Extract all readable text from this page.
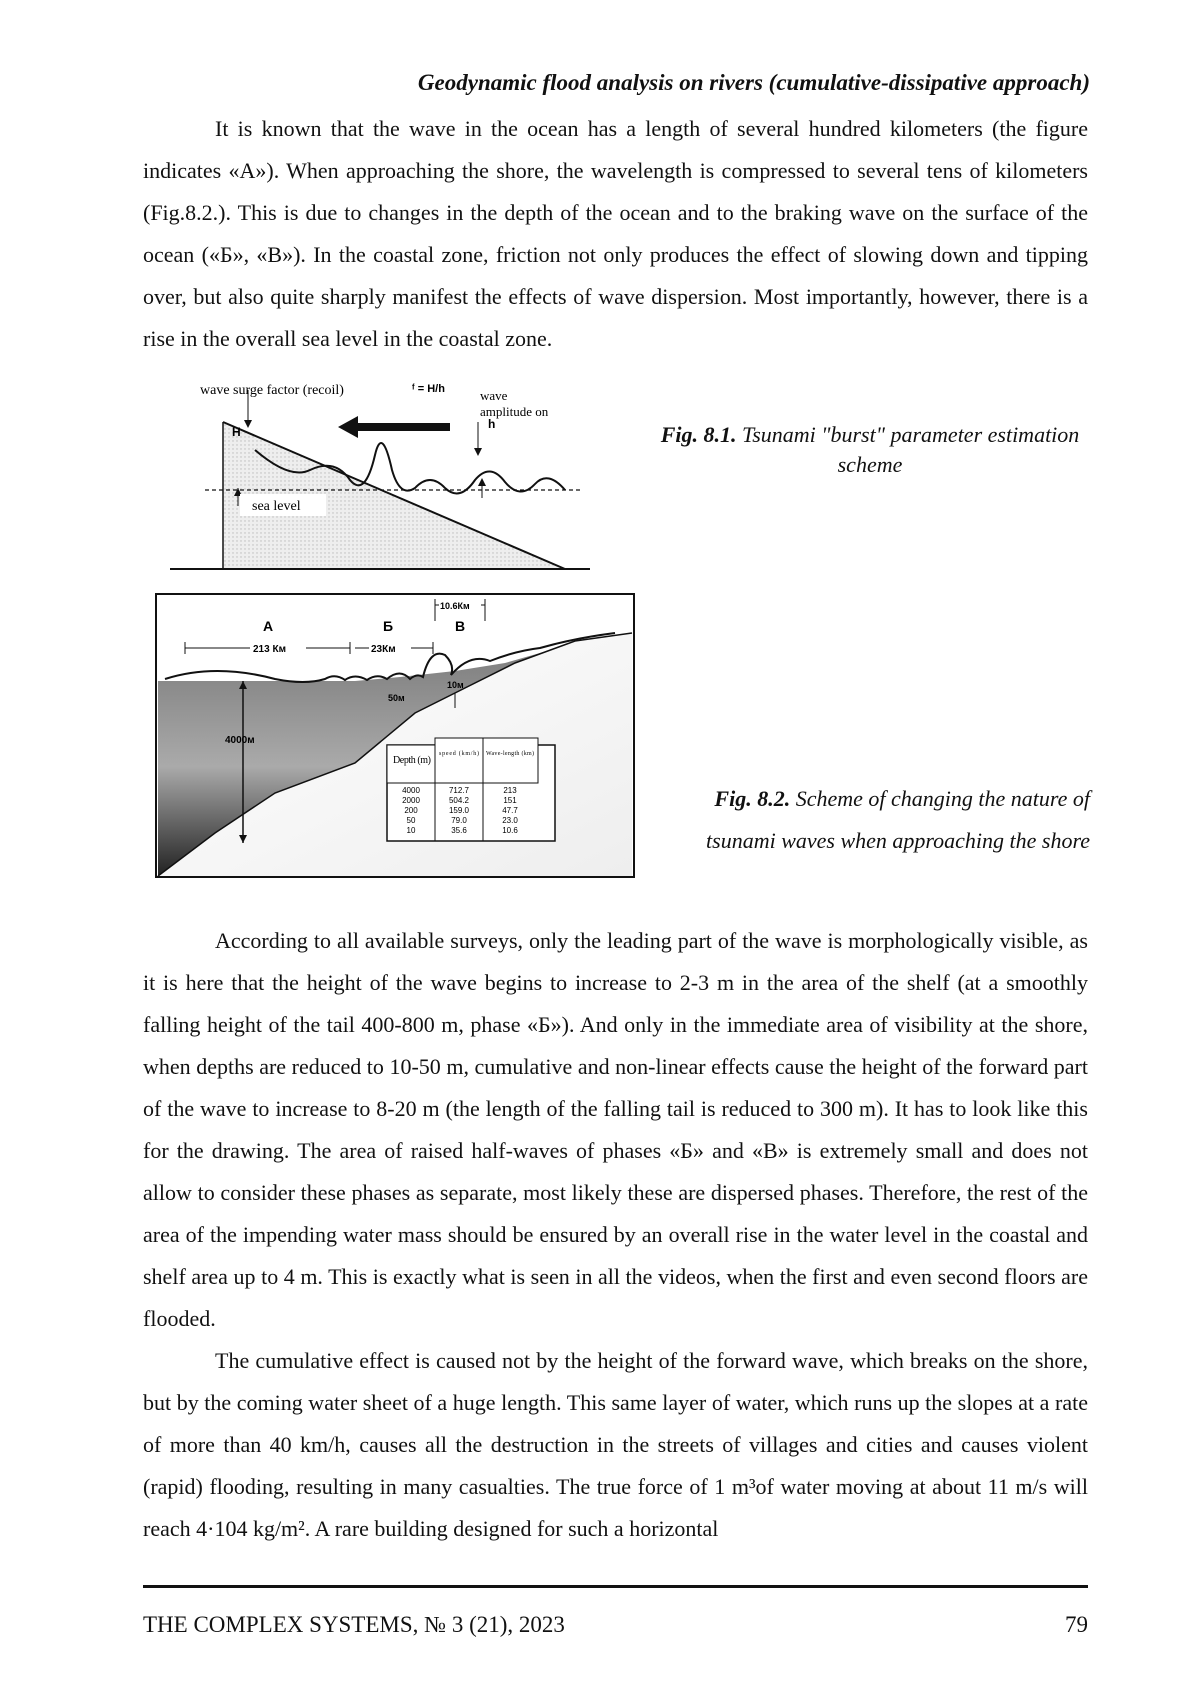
Geodynamic flood analysis on rivers (cumulative-dissipative approach)

It is known that the wave in the ocean has a length of several hundred kilometers (the figure indicates «A»). When approaching the shore, the wavelength is compressed to several tens of kilometers (Fig.8.2.). This is due to changes in the depth of the ocean and to the braking wave on the surface of the ocean («Б», «В»). In the coastal zone, friction not only produces the effect of slowing down and tipping over, but also quite sharply manifest the effects of wave dispersion. Most importantly, however, there is a rise in the overall sea level in the coastal zone.

wave surge factor (recoil)	ᶠ = H/h	wave
amplitude on
H
h
sea level
Fig. 8.1. Tsunami "burst" parameter estimation scheme
A	Б	В
213 Км	23Км
10.6Км
4000м
50м
10м
Depth (m)
speed (km/h) Wave-length (km)
4000	712.7	213
2000	504.2	151
200	159.0	47.7
50	79.0	23.0
10	35.6	10.6
Fig. 8.2. Scheme of changing the nature of tsunami waves when approaching the shore

According to all available surveys, only the leading part of the wave is morphologically visible, as it is here that the height of the wave begins to increase to 2-3 m in the area of the shelf (at a smoothly falling height of the tail 400-800 m, phase «Б»). And only in the immediate area of visibility at the shore, when depths are reduced to 10-50 m, cumulative and non-linear effects cause the height of the forward part of the wave to increase to 8-20 m (the length of the falling tail is reduced to 300 m). It has to look like this for the drawing. The area of raised half-waves of phases «Б» and «В» is extremely small and does not allow to consider these phases as separate, most likely these are dispersed phases. Therefore, the rest of the area of the impending water mass should be ensured by an overall rise in the water level in the coastal and shelf area up to 4 m. This is exactly what is seen in all the videos, when the first and even second floors are flooded.

The cumulative effect is caused not by the height of the forward wave, which breaks on the shore, but by the coming water sheet of a huge length. This same layer of water, which runs up the slopes at a rate of more than 40 km/h, causes all the destruction in the streets of villages and cities and causes violent (rapid) flooding, resulting in many casualties. The true force of 1 m³of water moving at about 11 m/s will reach 4·104 kg/m². A rare building designed for such a horizontal

THE COMPLEX SYSTEMS, № 3 (21), 2023	79
